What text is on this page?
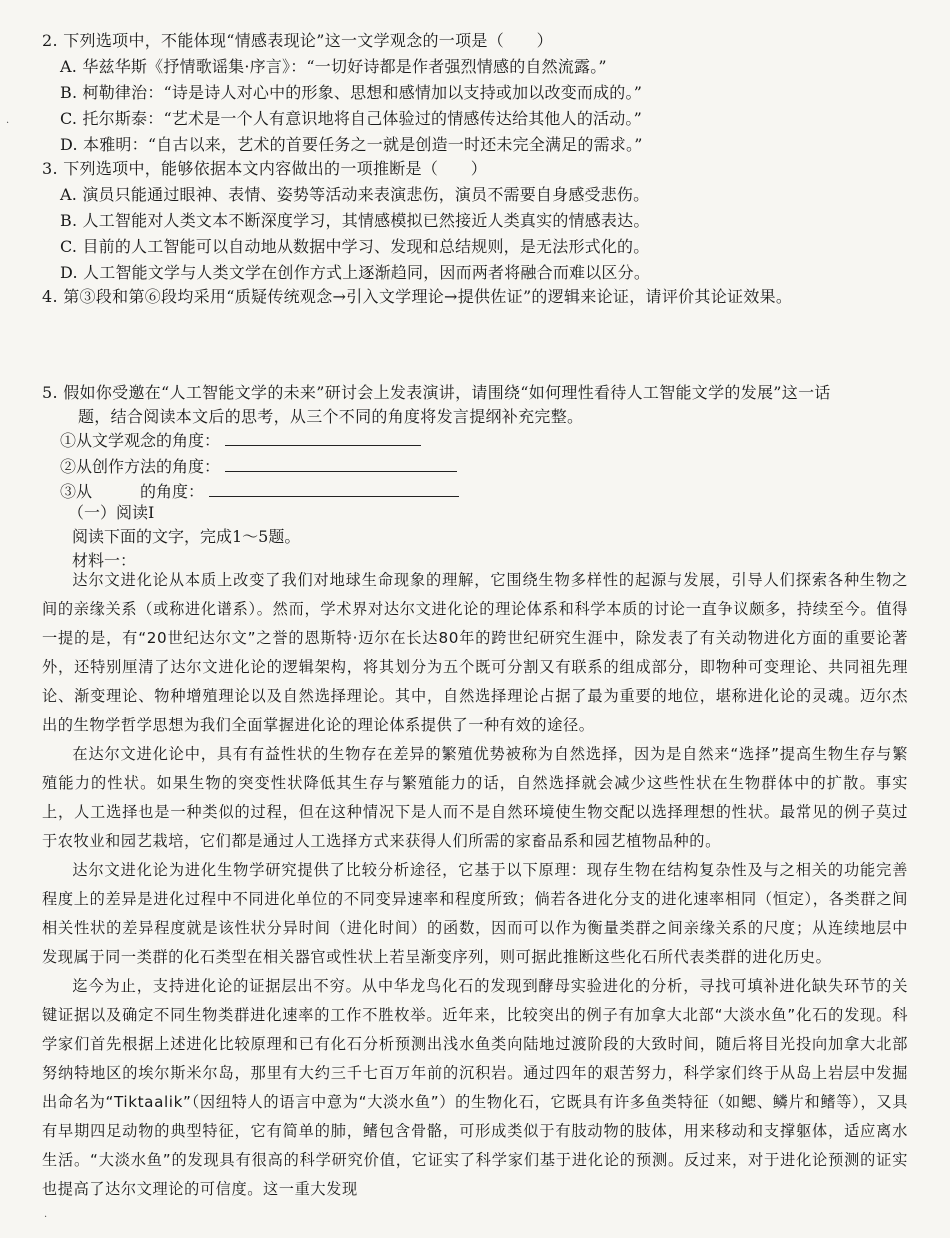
2. 下列选项中，不能体现“情感表现论”这一文学观念的一项是（　　）
A. 华兹华斯《抒情歌谣集·序言》：“一切好诗都是作者强烈情感的自然流露。”
B. 柯勒律治：“诗是诗人对心中的形象、思想和感情加以支持或加以改变而成的。”
C. 托尔斯泰：“艺术是一个人有意识地将自己体验过的情感传达给其他人的活动。”
D. 本雅明：“自古以来，艺术的首要任务之一就是创造一时还未完全满足的需求。”
3. 下列选项中，能够依据本文内容做出的一项推断是（　　）
A. 演员只能通过眼神、表情、姿势等活动来表演悲伤，演员不需要自身感受悲伤。
B. 人工智能对人类文本不断深度学习，其情感模拟已然接近人类真实的情感表达。
C. 目前的人工智能可以自动地从数据中学习、发现和总结规则，是无法形式化的。
D. 人工智能文学与人类文学在创作方式上逐渐趋同，因而两者将融合而难以区分。
4. 第③段和第⑥段均采用“质疑传统观念→引入文学理论→提供佐证”的逻辑来论证，请评价其论证效果。
5. 假如你受邀在“人工智能文学的未来”研讨会上发表演讲，请围绕“如何理性看待人工智能文学的发展”这一话
题，结合阅读本文后的思考，从三个不同的角度将发言提纲补充完整。
①从文学观念的角度：
②从创作方法的角度：
③从　　　的角度：
（一）阅读Ⅰ
阅读下面的文字，完成1～5题。
材料一：

达尔文进化论从本质上改变了我们对地球生命现象的理解，它围绕生物多样性的起源与发展，引导人们探索各种生物之间的亲缘关系（或称进化谱系）。然而，学术界对达尔文进化论的理论体系和科学本质的讨论一直争议颇多，持续至今。值得一提的是，有“20世纪达尔文”之誉的恩斯特·迈尔在长达80年的跨世纪研究生涯中，除发表了有关动物进化方面的重要论著外，还特别厘清了达尔文进化论的逻辑架构，将其划分为五个既可分割又有联系的组成部分，即物种可变理论、共同祖先理论、渐变理论、物种增殖理论以及自然选择理论。其中，自然选择理论占据了最为重要的地位，堪称进化论的灵魂。迈尔杰出的生物学哲学思想为我们全面掌握进化论的理论体系提供了一种有效的途径。

在达尔文进化论中，具有有益性状的生物存在差异的繁殖优势被称为自然选择，因为是自然来“选择”提高生物生存与繁殖能力的性状。如果生物的突变性状降低其生存与繁殖能力的话，自然选择就会减少这些性状在生物群体中的扩散。事实上，人工选择也是一种类似的过程，但在这种情况下是人而不是自然环境使生物交配以选择理想的性状。最常见的例子莫过于农牧业和园艺栽培，它们都是通过人工选择方式来获得人们所需的家畜品系和园艺植物品种的。

达尔文进化论为进化生物学研究提供了比较分析途径，它基于以下原理：现存生物在结构复杂性及与之相关的功能完善程度上的差异是进化过程中不同进化单位的不同变异速率和程度所致；倘若各进化分支的进化速率相同（恒定），各类群之间相关性状的差异程度就是该性状分异时间（进化时间）的函数，因而可以作为衡量类群之间亲缘关系的尺度；从连续地层中发现属于同一类群的化石类型在相关器官或性状上若呈渐变序列，则可据此推断这些化石所代表类群的进化历史。

迄今为止，支持进化论的证据层出不穷。从中华龙鸟化石的发现到酵母实验进化的分析，寻找可填补进化缺失环节的关键证据以及确定不同生物类群进化速率的工作不胜枚举。近年来，比较突出的例子有加拿大北部“大淡水鱼”化石的发现。科学家们首先根据上述进化比较原理和已有化石分析预测出浅水鱼类向陆地过渡阶段的大致时间，随后将目光投向加拿大北部努纳特地区的埃尔斯米尔岛，那里有大约三千七百万年前的沉积岩。通过四年的艰苦努力，科学家们终于从岛上岩层中发掘出命名为“Tiktaalik”（因纽特人的语言中意为“大淡水鱼”）的生物化石，它既具有许多鱼类特征（如鳃、鳞片和鳍等），又具有早期四足动物的典型特征，它有简单的肺，鳍包含骨骼，可形成类似于有肢动物的肢体，用来移动和支撑躯体，适应离水生活。“大淡水鱼”的发现具有很高的科学研究价值，它证实了科学家们基于进化论的预测。反过来，对于进化论预测的证实也提高了达尔文理论的可信度。这一重大发现

·
·
